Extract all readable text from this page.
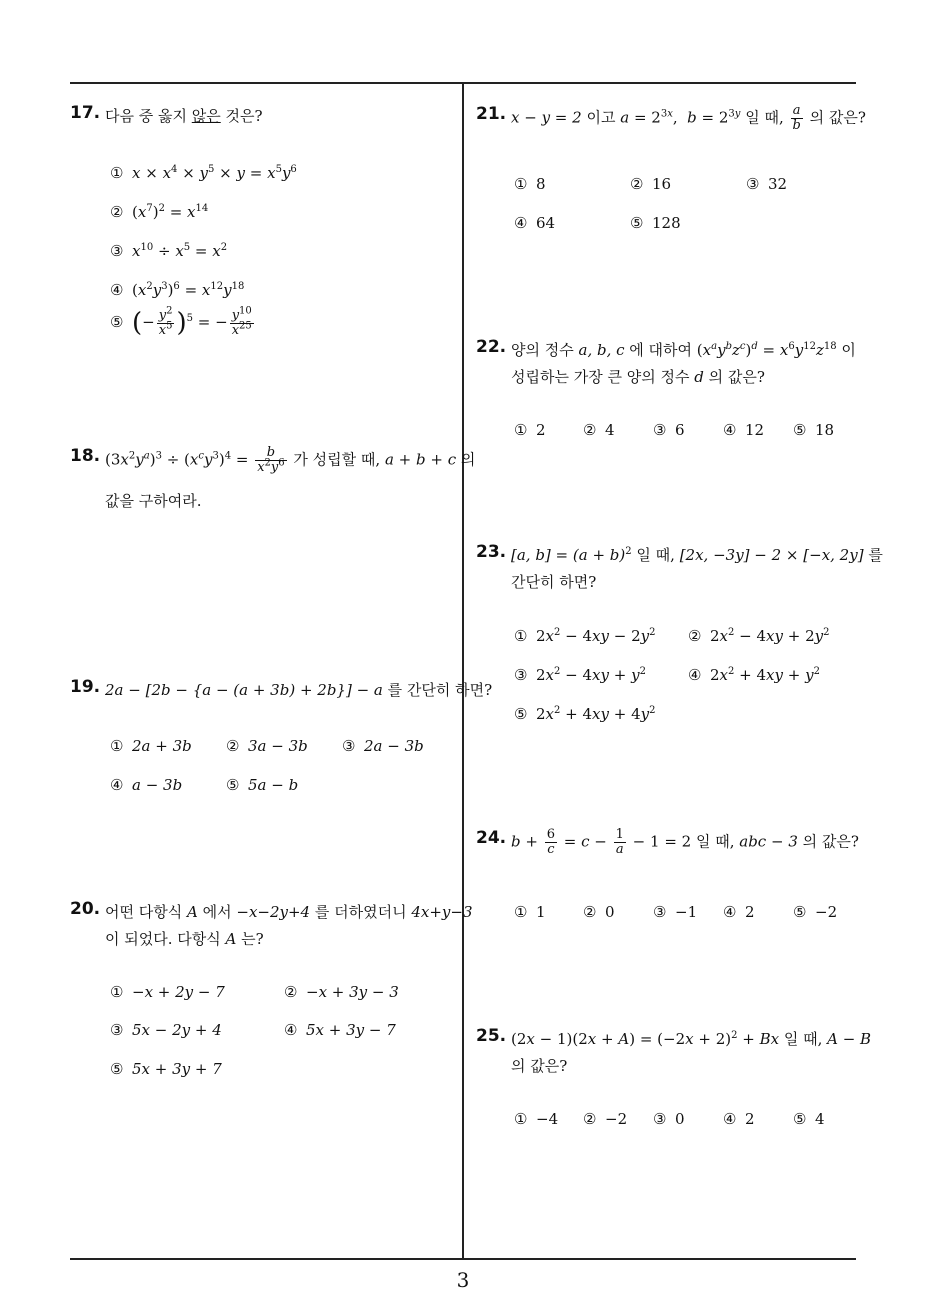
17. 다음 중 옳지 않은 것은?
① $x \times x^4 \times y^5 \times y = x^5y^6$
② $(x^7)^2 = x^{14}$
③ $x^{10} \div x^5 = x^2$
④ $(x^2y^3)^6 = x^{12}y^{18}$
⑤ (− $\frac{y^2}{x^5} )^5$ = − $\frac{y^{10}}{x^{25}}$
18. $(3x^2y^a)^3 \div (x^cy^3)^4 = \frac{b}{x^2y^6}$ 가 성립할 때, a + b + c 의
값을 구하여라.
19. 2a − [2b − {a − (a + 3b) + 2b}] − a 를 간단히 하면?
① 2a + 3b ② 3a − 3b ③ 2a − 3b
④ a − 3b	⑤ 5a − b
20. 어떤 다항식 A 에서 −x−2y+4 를 더하였더니 4x+y−3
이 되었다. 다항식 A 는?
① −x + 2y − 7	② −x + 3y − 3
③ 5x − 2y + 4	④ 5x + 3y − 7
⑤ 5x + 3y + 7
21. x − y = 2 이고 $a = 2^{3x}$,  $b = 2^{3y}$ 일 때, $\frac{a}{b}$ 의 값은?
① 8	② 16	③ 32
④ 64	⑤ 128
22. 양의 정수 a, b, c 에 대하여 $(x^ay^bz^c)^d = x^6y^{12}z^{18}$ 이
성립하는 가장 큰 양의 정수 d 의 값은?
① 2 ② 4	③ 6	④ 12 ⑤ 18
23. [a, $b] = (a + b)^2$ 일 때, [2x, −3y] − 2 × [−x, 2y] 를
간단히 하면?
① $2x^2 - 4xy - 2y^2$ ② $2x^2 - 4xy + 2y^2$
③ $2x^2 - 4xy + y^2$	④ $2x^2 + 4xy + y^2$
⑤ $2x^2 + 4xy + 4y^2$
24. $b + \frac{6}{c} = c - \frac{1}{a} - 1 = 2$ 일 때, abc − 3 의 값은?
① 1 ② 0	③ −1 ④ 2	⑤ −2
25. $(2x - 1)(2x + A) = (-2x + 2)^2 + Bx$ 일 때, A − B
의 값은?
① −4 ② −2 ③ 0	④ 2	⑤ 4
3
